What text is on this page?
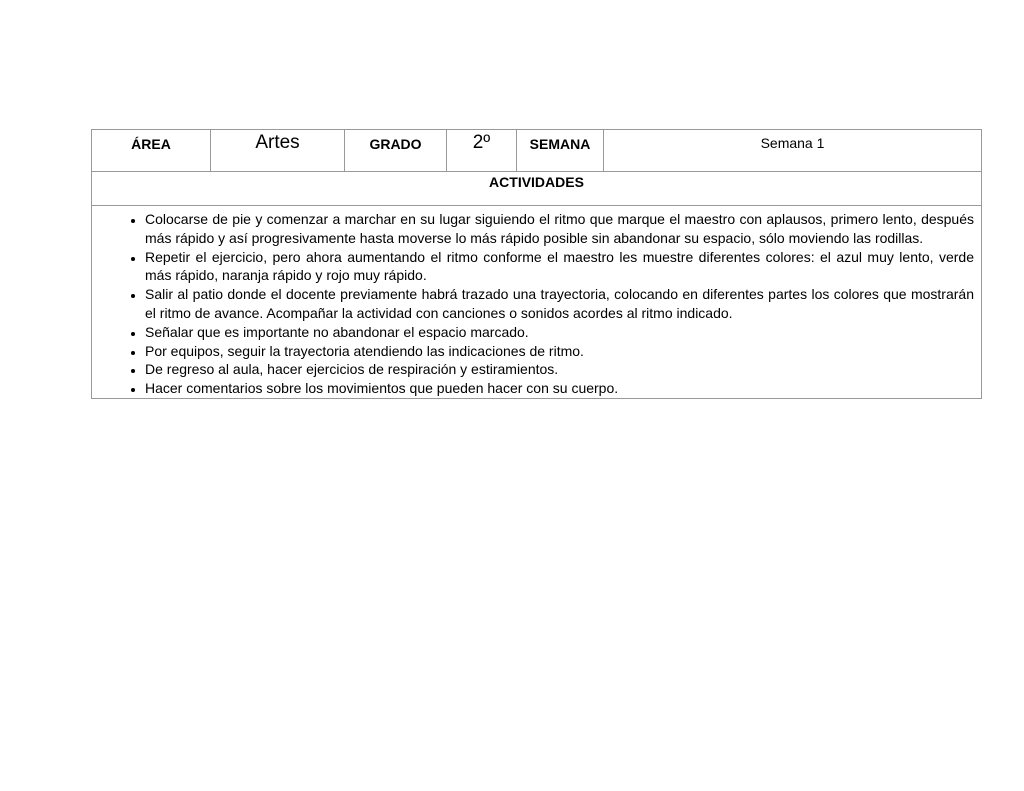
ÁREA	Artes	GRADO	2º	SEMANA	Semana 1

ACTIVIDADES

• Colocarse de pie y comenzar a marchar en su lugar siguiendo el ritmo que marque el maestro con aplausos, primero lento, después más rápido y así progresivamente hasta moverse lo más rápido posible sin abandonar su espacio, sólo moviendo las rodillas.
• Repetir el ejercicio, pero ahora aumentando el ritmo conforme el maestro les muestre diferentes colores: el azul muy lento, verde más rápido, naranja rápido y rojo muy rápido.
• Salir al patio donde el docente previamente habrá trazado una trayectoria, colocando en diferentes partes los colores que mostrarán el ritmo de avance. Acompañar la actividad con canciones o sonidos acordes al ritmo indicado.
• Señalar que es importante no abandonar el espacio marcado.
• Por equipos, seguir la trayectoria atendiendo las indicaciones de ritmo.
• De regreso al aula, hacer ejercicios de respiración y estiramientos.
• Hacer comentarios sobre los movimientos que pueden hacer con su cuerpo.
